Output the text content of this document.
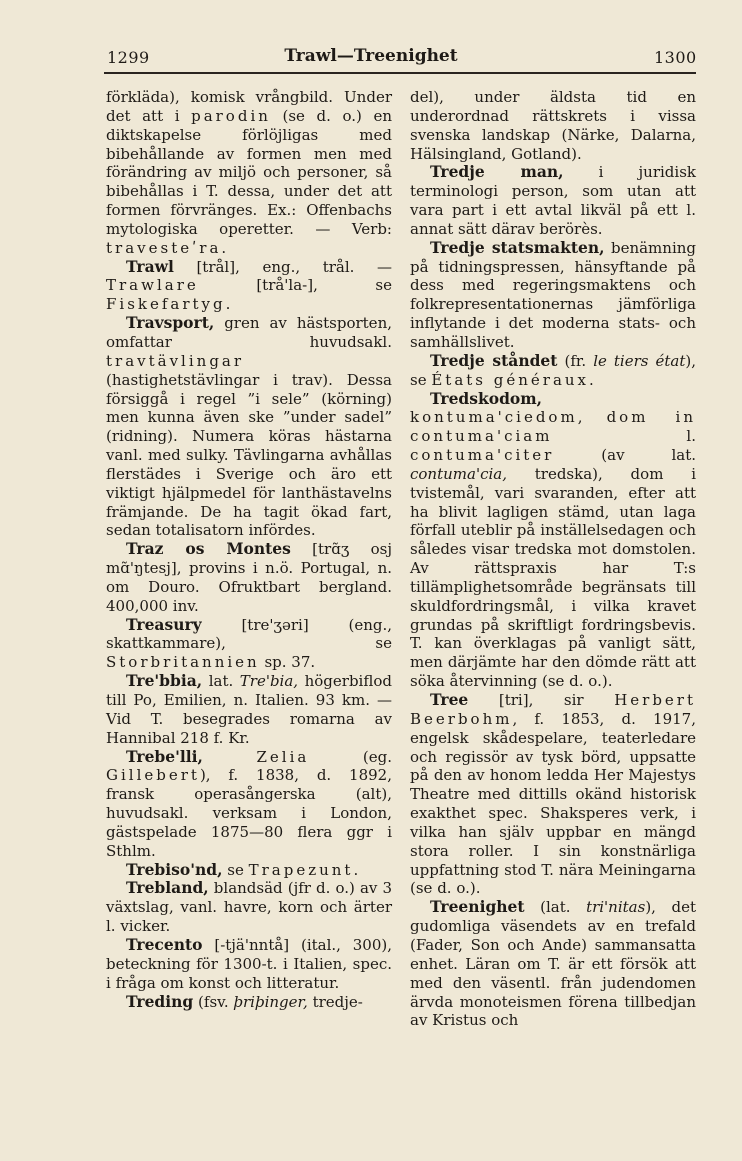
1299	Trawl—Treenighet	1300

förkläda), komisk vrångbild. Under det att i parodin (se d. o.) en diktskapelse förlöjligas med bibehållande av formen men med förändring av miljö och personer, så bibehållas i T. dessa, under det att formen förvränges. Ex.: Offenbachs mytologiska operetter. — Verb: travesteʹra.

Trawl [trål], eng., trål. — Trawlare [trå'la-], se Fiskefartyg.

Travsport, gren av hästsporten, omfattar huvudsakl. travtävlingar (hastighetstävlingar i trav). Dessa försiggå i regel ”i sele” (körning) men kunna även ske ”under sadel” (ridning). Numera köras hästarna vanl. med sulky. Tävlingarna avhållas flerstädes i Sverige och äro ett viktigt hjälpmedel för lanthästavelns främjande. De ha tagit ökad fart, sedan totalisatorn infördes.

Traz os Montes [trɑ̃ʒ osj mɑ̃'ŋtesj], provins i n.ö. Portugal, n. om Douro. Ofruktbart bergland. 400,000 inv.

Treasury [tre'ʒəri] (eng., skattkammare), se Storbritannien sp. 37.

Tre'bbia, lat. Tre'bia, högerbiflod till Po, Emilien, n. Italien. 93 km. — Vid T. besegrades romarna av Hannibal 218 f. Kr.

Trebe'lli,	Zelia (eg. Gillebert), f. 1838, d. 1892, fransk operasångerska (alt), huvudsakl. verksam i London, gästspelade 1875—80 flera ggr i Sthlm.

Trebiso'nd, se Trapezunt.

Trebland, blandsäd (jfr d. o.) av 3 växtslag, vanl. havre, korn och ärter l. vicker.

Trecento [-tjä'nntå] (ital., 300), beteckning för 1300-t. i Italien, spec. i fråga om konst och litteratur.

Treding (fsv. þriþinger, tredje-

del), under äldsta tid en underordnad rättskrets i vissa svenska landskap (Närke, Dalarna, Hälsingland, Gotland).

Tredje man, i juridisk terminologi person, som utan att vara part i ett avtal likväl på ett l. annat sätt därav berörès.

Tredje statsmakten, benämning på tidningspressen, hänsyftande på dess med regeringsmaktens och folkrepresentationernas jämförliga inflytande i det moderna stats- och samhällslivet.

Tredje ståndet (fr. le tiers état), se États généraux.

Tredskodom, kontuma'ciedom, dom in contuma'ciam l. contuma'citer (av lat. contuma'cia, tredska), dom i tvistemål, vari svaranden, efter att ha blivit lagligen stämd, utan laga förfall uteblir på inställelsedagen och således visar tredska mot domstolen. Av rättspraxis har T:s tillämplighetsområde begränsats till skuldfordringsmål, i vilka kravet grundas på skriftligt fordringsbevis. T. kan överklagas på vanligt sätt, men därjämte har den dömde rätt att söka återvinning (se d. o.).

Tree [tri], sir Herbert Beerbohm, f. 1853, d. 1917, engelsk skådespelare, teaterledare och regissör av tysk börd, uppsatte på den av honom ledda Her Majestys Theatre med dittills okänd historisk exakthet spec. Shaksperes verk, i vilka han själv uppbar en mängd stora roller. I sin konstnärliga uppfattning stod T. nära Meiningarna (se d. o.).

Treenighet (lat. tri'nitas), det gudomliga väsendets av en trefald (Fader, Son och Ande) sammansatta enhet. Läran om T. är ett försök att med den väsentl. från judendomen ärvda monoteismen förena tillbedjan av Kristus och
